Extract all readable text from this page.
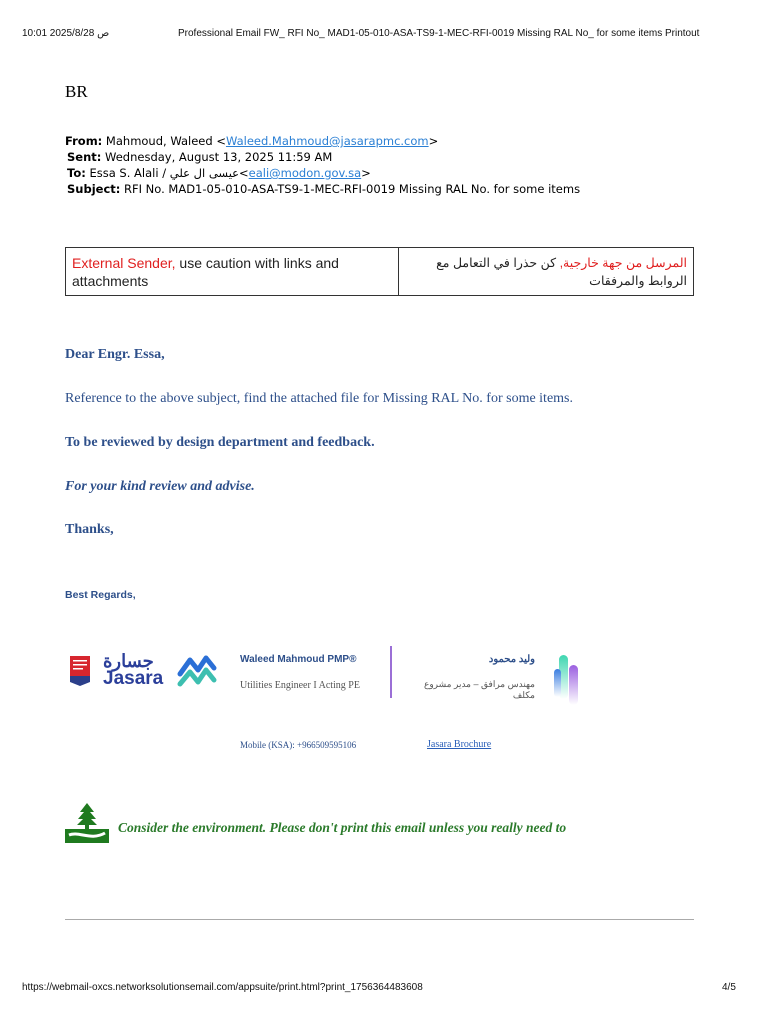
10:01 2025/8/28 ص	Professional Email FW_ RFI No_ MAD1-05-010-ASA-TS9-1-MEC-RFI-0019 Missing RAL No_ for some items Printout
BR
From: Mahmoud, Waleed <Waleed.Mahmoud@jasarapmc.com>
Sent: Wednesday, August 13, 2025 11:59 AM
To: Essa S. Alali / عيسى ال علي<eali@modon.gov.sa>
Subject: RFI No. MAD1-05-010-ASA-TS9-1-MEC-RFI-0019 Missing RAL No. for some items
External Sender, use caution with links and attachments
المرسل من جهة خارجية, كن حذرا في التعامل مع الروابط والمرفقات
Dear Engr. Essa,
Reference to the above subject, find the attached file for Missing RAL No. for some items.
To be reviewed by design department and feedback.
For your kind review and advise.
Thanks,
Best Regards,
جسارة
Jasara
Waleed Mahmoud PMP®
Utilities Engineer I Acting PE
وليد محمود
مهندس مرافق – مدير مشروع مكلف
Mobile (KSA): +966509595106	Jasara Brochure
Consider the environment. Please don't print this email unless you really need to
https://webmail-oxcs.networksolutionsemail.com/appsuite/print.html?print_1756364483608	4/5
